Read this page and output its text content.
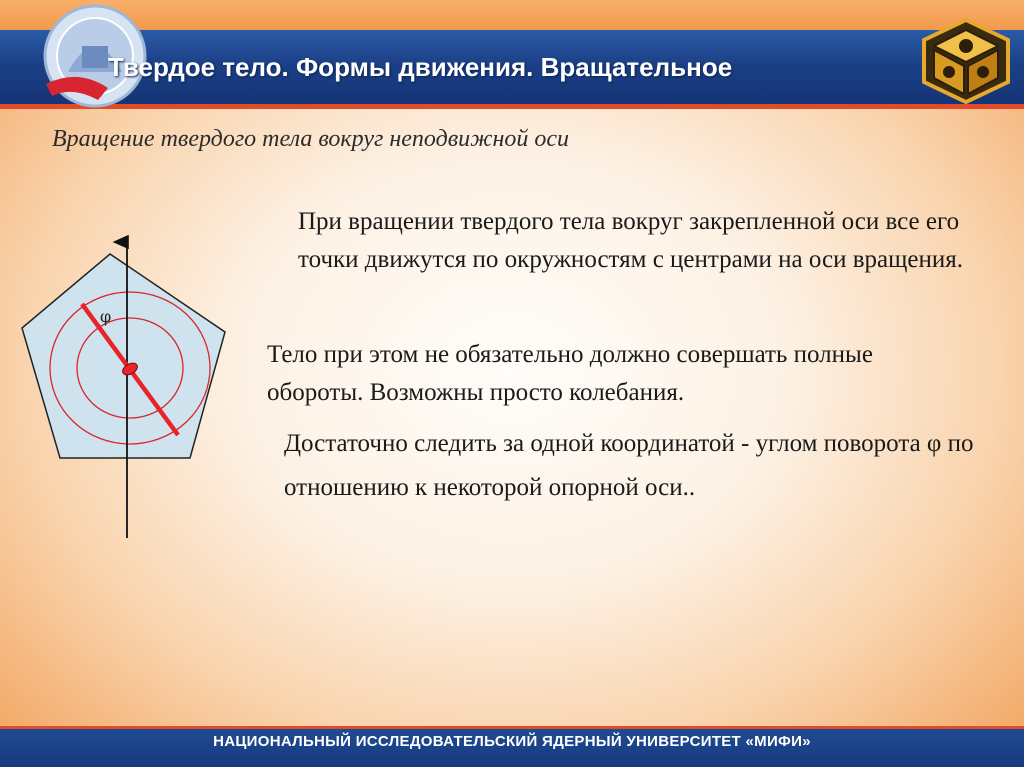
Твердое тело. Формы движения. Вращательное
Вращение твердого тела вокруг неподвижной оси
φ
При вращении твердого тела вокруг закрепленной оси все его точки движутся по окружностям с центрами на оси вращения.
Тело при этом не обязательно должно совершать полные обороты. Возможны просто колебания.
Достаточно следить за одной координатой - углом поворота φ по отношению к некоторой опорной оси..
НАЦИОНАЛЬНЫЙ ИССЛЕДОВАТЕЛЬСКИЙ ЯДЕРНЫЙ УНИВЕРСИТЕТ «МИФИ»
